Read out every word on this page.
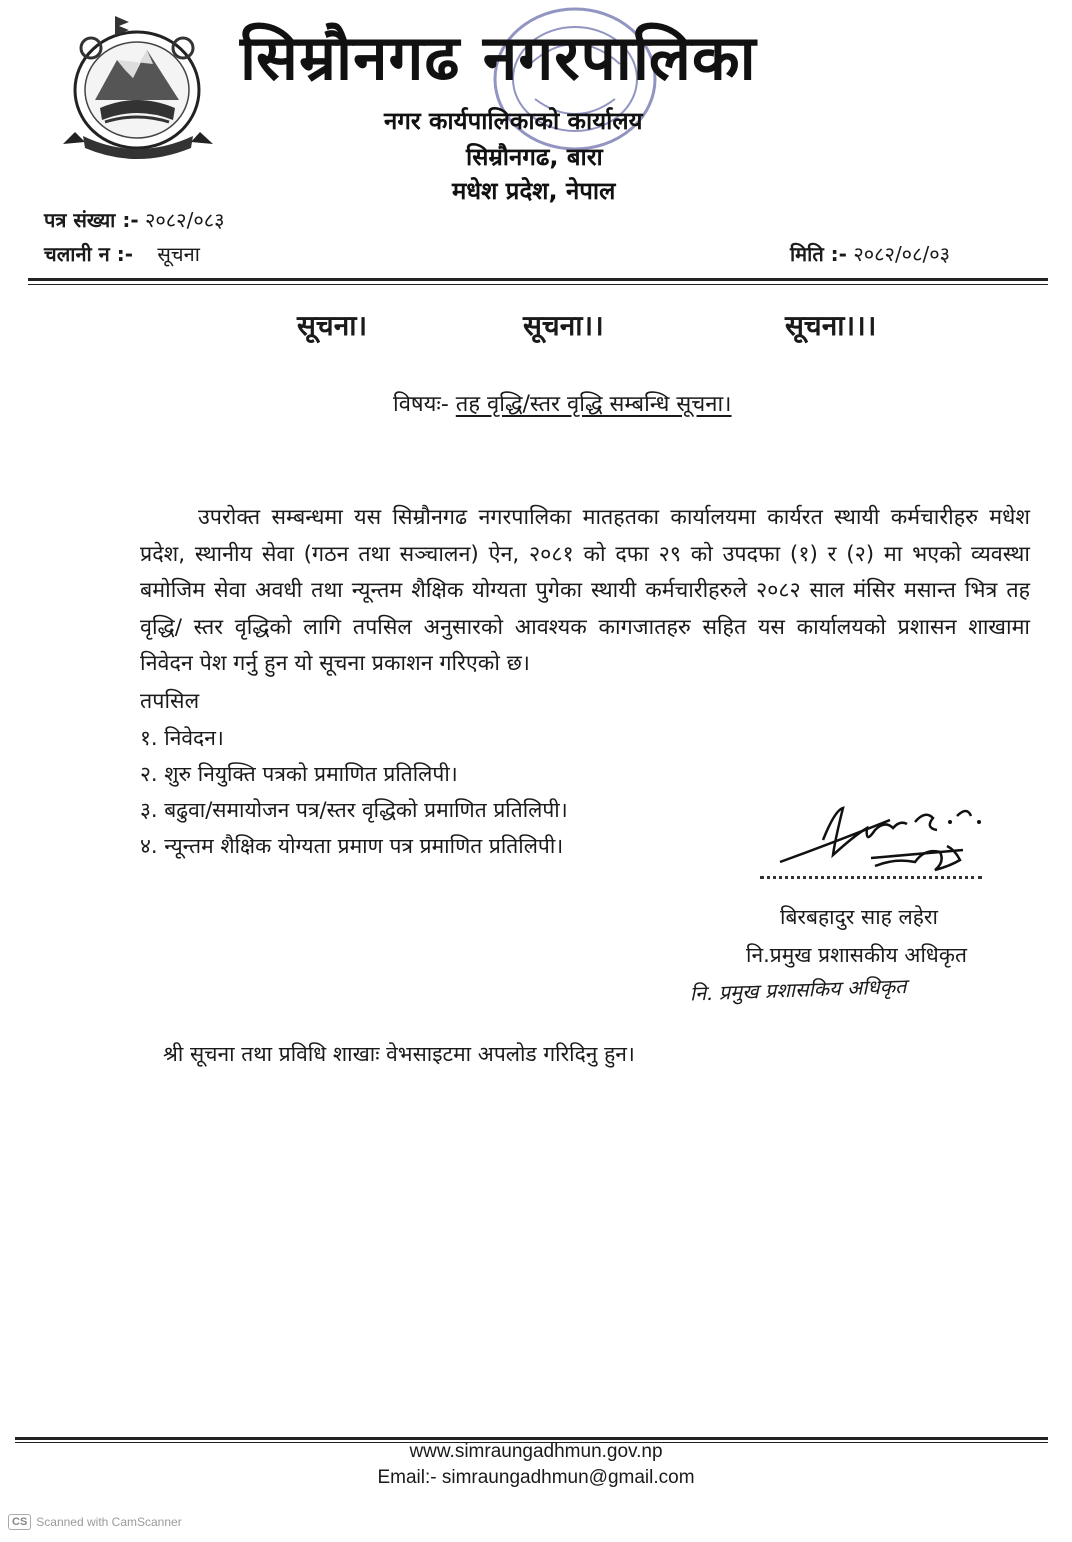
सिम्रौनगढ नगरपालिका
नगर कार्यपालिकाको कार्यालय
सिम्रौनगढ, बारा
मधेश प्रदेश, नेपाल
पत्र संख्या :- २०८२/०८३
चलानी न :- सूचना	मिति :- २०८२/०८/०३
सूचना।	सूचना।।	सूचना।।।
विषयः- तह वृद्धि/स्तर वृद्धि सम्बन्धि सूचना।
उपरोक्त सम्बन्धमा यस सिम्रौनगढ नगरपालिका मातहतका कार्यालयमा कार्यरत स्थायी कर्मचारीहरु मधेश प्रदेश, स्थानीय सेवा (गठन तथा सञ्चालन) ऐन, २०८१ को दफा २९ को उपदफा (१) र (२) मा भएको व्यवस्था बमोजिम सेवा अवधी तथा न्यून्तम शैक्षिक योग्यता पुगेका स्थायी कर्मचारीहरुले २०८२ साल मंसिर मसान्त भित्र तह वृद्धि/ स्तर वृद्धिको लागि तपसिल अनुसारको आवश्यक कागजातहरु सहित यस कार्यालयको प्रशासन शाखामा निवेदन पेश गर्नु हुन यो सूचना प्रकाशन गरिएको छ।
तपसिल
१. निवेदन।
२. शुरु नियुक्ति पत्रको प्रमाणित प्रतिलिपी।
३. बढुवा/समायोजन पत्र/स्तर वृद्धिको प्रमाणित प्रतिलिपी।
४. न्यून्तम शैक्षिक योग्यता प्रमाण पत्र प्रमाणित प्रतिलिपी।
बिरबहादुर साह लहेरा
नि.प्रमुख प्रशासकीय अधिकृत
नि. प्रमुख प्रशासकिय अधिकृत
श्री सूचना तथा प्रविधि शाखाः वेभसाइटमा अपलोड गरिदिनु हुन।
www.simraungadhmun.gov.np
Email:- simraungadhmun@gmail.com
CS Scanned with CamScanner
